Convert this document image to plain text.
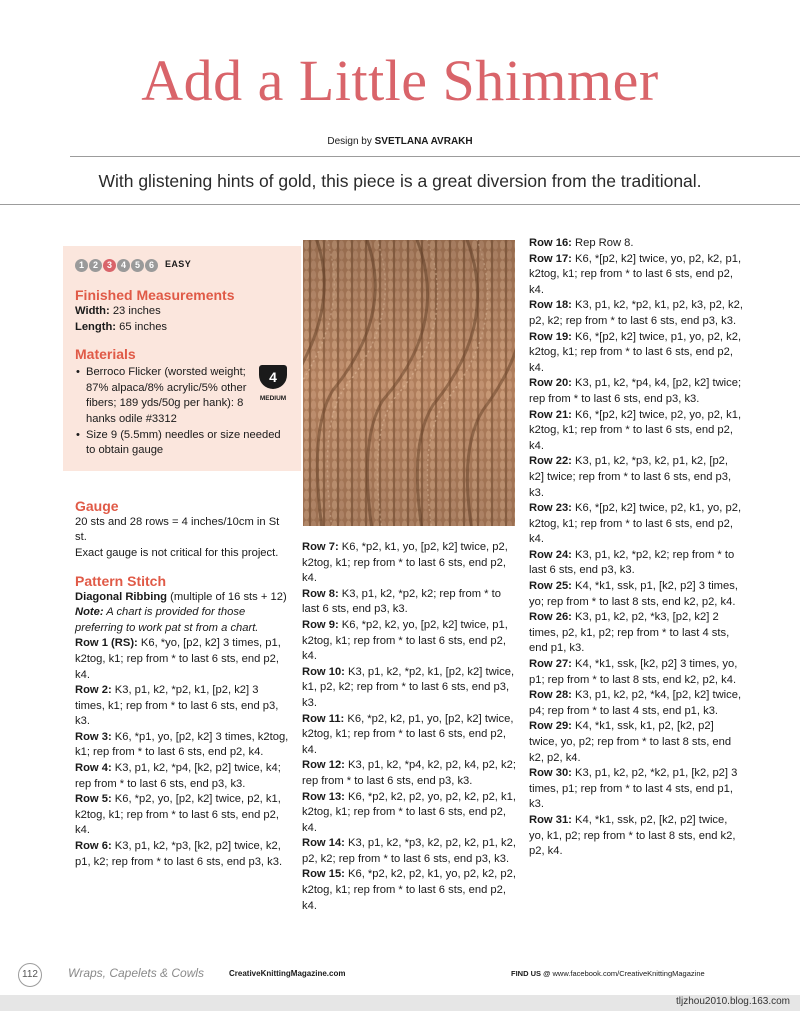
Add a Little Shimmer
Design by SVETLANA AVRAKH
With glistening hints of gold, this piece is a great diversion from the traditional.
1 2 3 4 5 6	EASY
Finished Measurements

Width: 23 inches

Length: 65 inches

Materials
4
MEDIUM
• Berroco Flicker (worsted weight; 87% alpaca/8% acrylic/5% other fibers; 189 yds/50g per hank): 8 hanks odile #3312
• Size 9 (5.5mm) needles or size needed to obtain gauge
Gauge

20 sts and 28 rows = 4 inches/10cm in St st.

Exact gauge is not critical for this project.

Pattern Stitch

Diagonal Ribbing (multiple of 16 sts + 12)

Note: A chart is provided for those preferring to work pat st from a chart.

Row 1 (RS): K6, *yo, [p2, k2] 3 times, p1, k2tog, k1; rep from * to last 6 sts, end p2, k4.

Row 2: K3, p1, k2, *p2, k1, [p2, k2] 3 times, k1; rep from * to last 6 sts, end p3, k3.

Row 3: K6, *p1, yo, [p2, k2] 3 times, k2tog, k1; rep from * to last 6 sts, end p2, k4.

Row 4: K3, p1, k2, *p4, [k2, p2] twice, k4; rep from * to last 6 sts, end p3, k3.

Row 5: K6, *p2, yo, [p2, k2] twice, p2, k1, k2tog, k1; rep from * to last 6 sts, end p2, k4.

Row 6: K3, p1, k2, *p3, [k2, p2] twice, k2, p1, k2; rep from * to last 6 sts, end p3, k3.

Row 7: K6, *p2, k1, yo, [p2, k2] twice, p2, k2tog, k1; rep from * to last 6 sts, end p2, k4.

Row 8: K3, p1, k2, *p2, k2; rep from * to last 6 sts, end p3, k3.

Row 9: K6, *p2, k2, yo, [p2, k2] twice, p1, k2tog, k1; rep from * to last 6 sts, end p2, k4.

Row 10: K3, p1, k2, *p2, k1, [p2, k2] twice, k1, p2, k2; rep from * to last 6 sts, end p3, k3.

Row 11: K6, *p2, k2, p1, yo, [p2, k2] twice, k2tog, k1; rep from * to last 6 sts, end p2, k4.

Row 12: K3, p1, k2, *p4, k2, p2, k4, p2, k2; rep from * to last 6 sts, end p3, k3.

Row 13: K6, *p2, k2, p2, yo, p2, k2, p2, k1, k2tog, k1; rep from * to last 6 sts, end p2, k4.

Row 14: K3, p1, k2, *p3, k2, p2, k2, p1, k2, p2, k2; rep from * to last 6 sts, end p3, k3.

Row 15: K6, *p2, k2, p2, k1, yo, p2, k2, p2, k2tog, k1; rep from * to last 6 sts, end p2, k4.

Row 16: Rep Row 8.

Row 17: K6, *[p2, k2] twice, yo, p2, k2, p1, k2tog, k1; rep from * to last 6 sts, end p2, k4.

Row 18: K3, p1, k2, *p2, k1, p2, k3, p2, k2, p2, k2; rep from * to last 6 sts, end p3, k3.

Row 19: K6, *[p2, k2] twice, p1, yo, p2, k2, k2tog, k1; rep from * to last 6 sts, end p2, k4.

Row 20: K3, p1, k2, *p4, k4, [p2, k2] twice; rep from * to last 6 sts, end p3, k3.

Row 21: K6, *[p2, k2] twice, p2, yo, p2, k1, k2tog, k1; rep from * to last 6 sts, end p2, k4.

Row 22: K3, p1, k2, *p3, k2, p1, k2, [p2, k2] twice; rep from * to last 6 sts, end p3, k3.

Row 23: K6, *[p2, k2] twice, p2, k1, yo, p2, k2tog, k1; rep from * to last 6 sts, end p2, k4.

Row 24: K3, p1, k2, *p2, k2; rep from * to last 6 sts, end p3, k3.

Row 25: K4, *k1, ssk, p1, [k2, p2] 3 times, yo; rep from * to last 8 sts, end k2, p2, k4.

Row 26: K3, p1, k2, p2, *k3, [p2, k2] 2 times, p2, k1, p2; rep from * to last 4 sts, end p1, k3.

Row 27: K4, *k1, ssk, [k2, p2] 3 times, yo, p1; rep from * to last 8 sts, end k2, p2, k4.

Row 28: K3, p1, k2, p2, *k4, [p2, k2] twice, p4; rep from * to last 4 sts, end p1, k3.

Row 29: K4, *k1, ssk, k1, p2, [k2, p2] twice, yo, p2; rep from * to last 8 sts, end k2, p2, k4.

Row 30: K3, p1, k2, p2, *k2, p1, [k2, p2] 3 times, p1; rep from * to last 4 sts, end p1, k3.

Row 31: K4, *k1, ssk, p2, [k2, p2] twice, yo, k1, p2; rep from * to last 8 sts, end k2, p2, k4.

112	Wraps, Capelets & Cowls	CreativeKnittingMagazine.com	FIND US @ www.facebook.com/CreativeKnittingMagazine
tljzhou2010.blog.163.com
